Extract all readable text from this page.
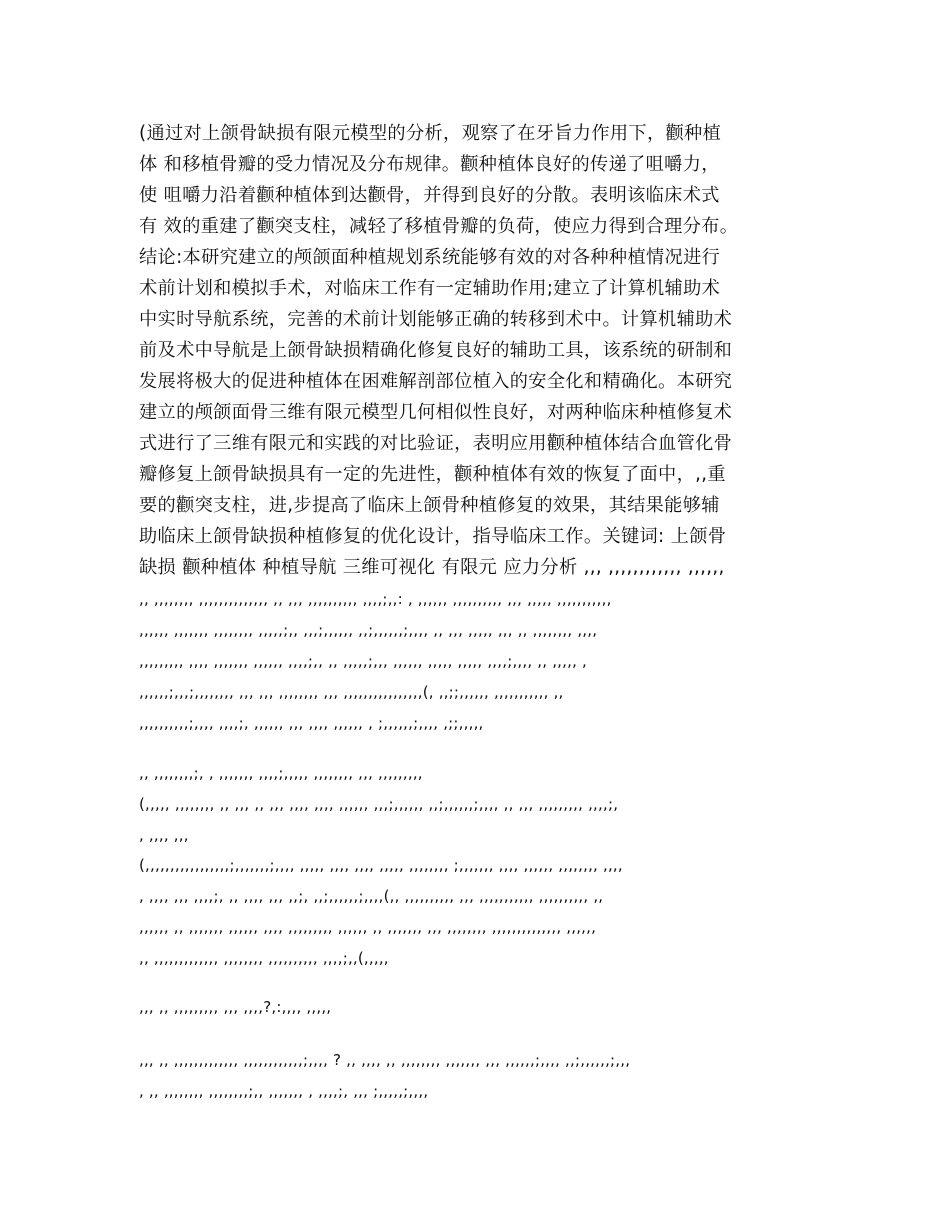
(通过对上颌骨缺损有限元模型的分析，观察了在牙旨力作用下，颧种植
体 和移植骨瓣的受力情况及分布规律。颧种植体良好的传递了咀嚼力，
使 咀嚼力沿着颧种植体到达颧骨，并得到良好的分散。表明该临床术式
有 效的重建了颧突支柱，减轻了移植骨瓣的负荷，使应力得到合理分布。
结论:本研究建立的颅颌面种植规划系统能够有效的对各种种植情况进行
术前计划和模拟手术，对临床工作有一定辅助作用;建立了计算机辅助术
中实时导航系统，完善的术前计划能够正确的转移到术中。计算机辅助术
前及术中导航是上颌骨缺损精确化修复良好的辅助工具，该系统的研制和
发展将极大的促进种植体在困难解剖部位植入的安全化和精确化。本研究
建立的颅颌面骨三维有限元模型几何相似性良好，对两种临床种植修复术
式进行了三维有限元和实践的对比验证，表明应用颧种植体结合血管化骨
瓣修复上颌骨缺损具有一定的先进性，颧种植体有效的恢复了面中，,,重
要的颧突支柱，进,步提高了临床上颌骨种植修复的效果，其结果能够辅
助临床上颌骨缺损种植修复的优化设计，指导临床工作。关键词: 上颌骨
缺损 颧种植体 种植导航 三维可视化 有限元 应力分析 ,,, ,,,,,,,,,,,, ,,,,,,
,, ,,,,,,,, ,,,,,,,,,,,,,, ,, ,,, ,,,,,,,,,, ,,,,;,,: , ,,,,,, ,,,,,,,,,, ,,, ,,,,, ,,,,,,,,,,,
,,,,,, ,,,,,,, ,,,,,,,, ,,,,,;,, ,,,;,,,,,, ,,;,,,,,,;,,,, ,, ,,, ,,,,, ,,, ,, ,,,,,,,, ,,,,
,,,,,,,,, ,,,, ,,,,,,, ,,,,,, ,,,,;,, ,, ,,,,,;,,, ,,,,,, ,,,,, ,,,,, ,,,,;,,,, ,, ,,,,, ,
,,,,,,;,,,;,,,,,,,, ,,, ,,, ,,,,,,,, ,,, ,,,,,,,,,,,,,,,,(, ,,;;,,,,,, ,,,,,,,,,,, ,,
,,,,,,,,,,;,,,, ,,,,;, ,,,,,, ,,, ,,,, ,,,,,, , ;,,,,,,;,,,, ,;;,,,,,
,, ,,,,,,,,;, , ,,,,,,, ,,,,;,,,,, ,,,,,,,, ,,, ,,,,,,,,,
(,,,,, ,,,,,,,, ,, ,,, ,, ,,, ,,,, ,,,, ,,,,,, ,,,;,,,,,, ,,;,,,,,,;,,,, ,, ,,, ,,,,,,,,, ,,,,;,
, ,,,, ,,,
(,,,,,,,,,,,,,,,,,;,,,,,,,;,,,, ,,,,, ,,,, ,,,, ,,,,, ,,,,,,,, ;,,,,,,, ,,,, ,,,,,, ,,,,,,,, ,,,,
, ,,,, ,,, ,,,,;, ,, ,,,, ,,, ,,;, ,,;,,,,,,;,,,,(,, ,,,,,,,,,, ,,, ,,,,,,,,,,, ,,,,,,,,,, ,,
,,,,,, ,, ,,,,,,, ,,,,,, ,,,, ,,,,,,,,, ,,,,,, ,, ,,,,,,, ,,, ,,,,,,,, ,,,,,,,,,,,,,, ,,,,,,
,, ,,,,,,,,,,,,, ,,,,,,,, ,,,,,,,,,, ,,,,;,,(,,,,,
,,, ,, ,,,,,,,,, ,,, ,,,,?,:,,,, ,,,,,
,,, ,, ,,,,,,,,,,,,, ,,,,,,,,,,,,;,,,, ? ,, ,,,, ,, ,,,,,,,, ,,,,,,, ,,, ,,,,,,;,,,, ,,;,,,,,,;,,,
, ,, ,,,,,,,, ,,,,,,,,;,, ,,,,,,, , ,,,,;, ,,, ;,,,,,;,,,,
